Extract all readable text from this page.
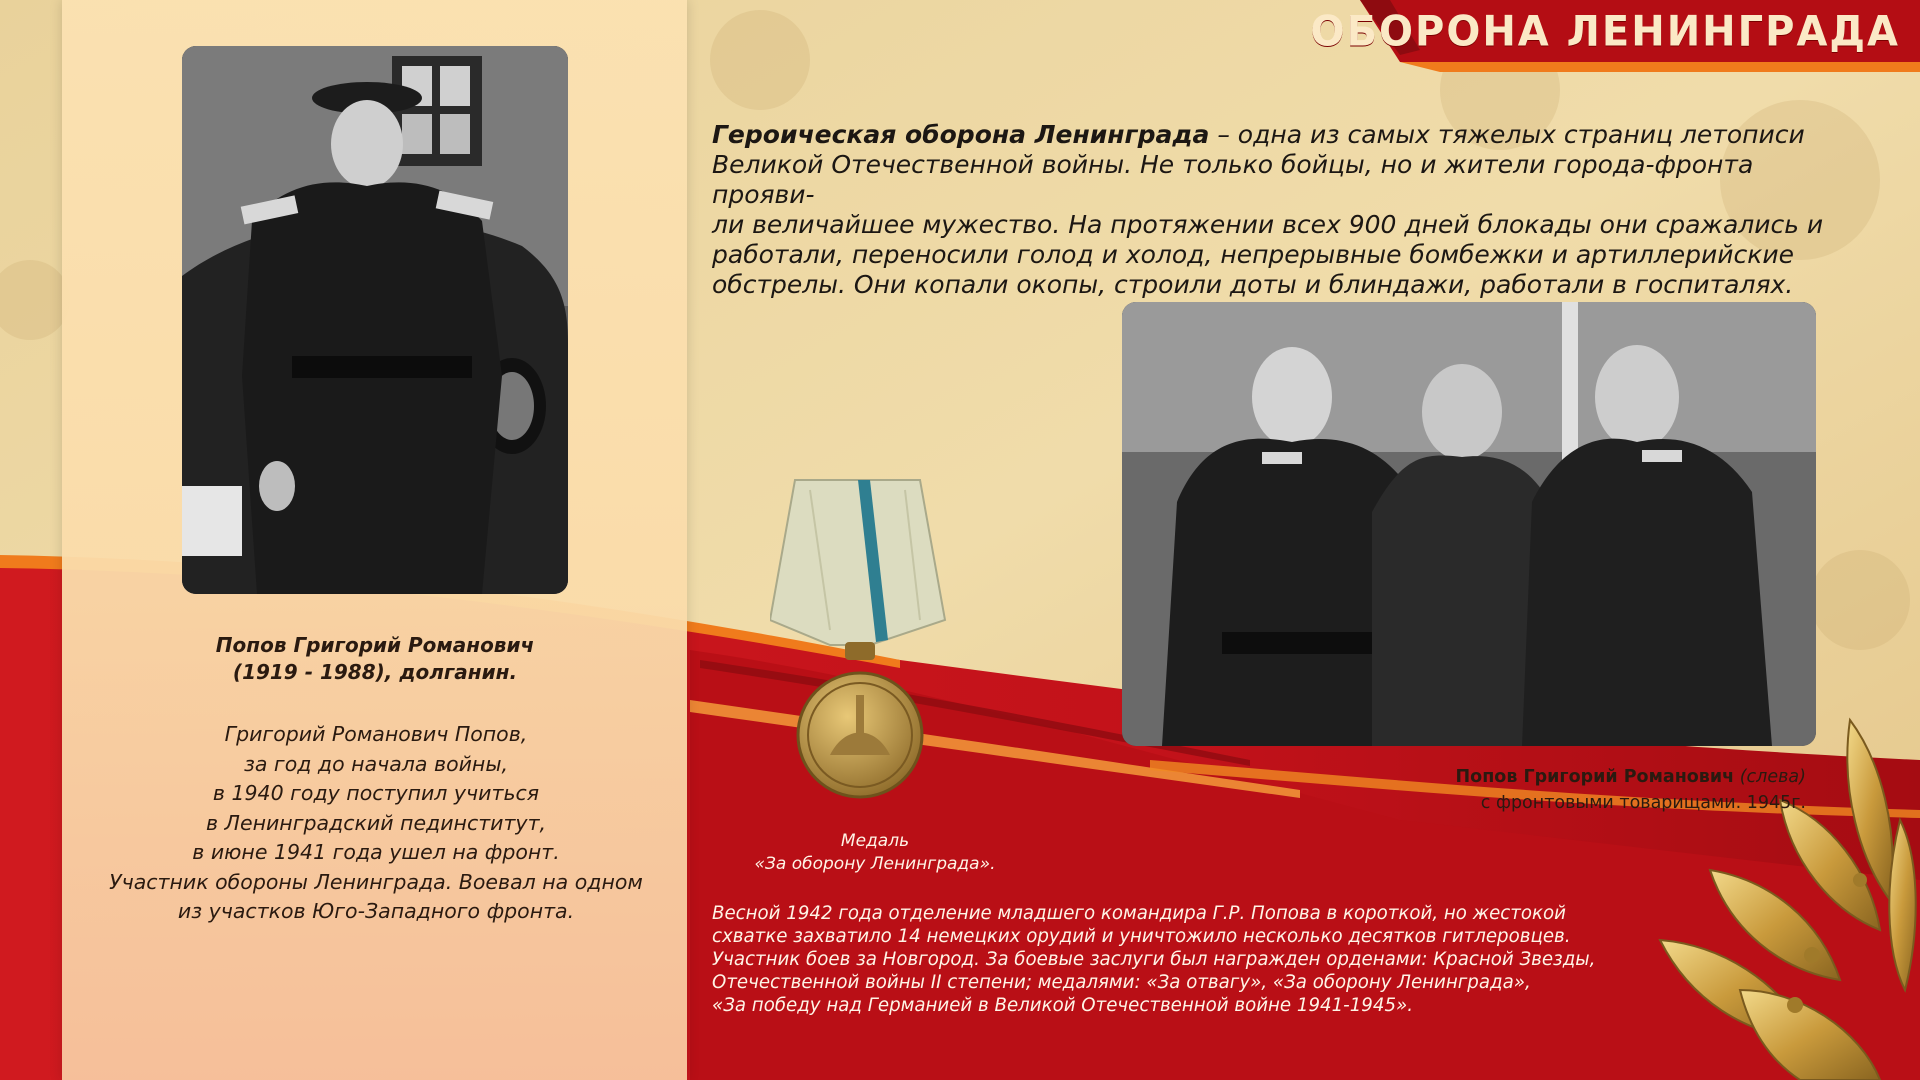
ОБОРОНА ЛЕНИНГРАДА
Попов Григорий Романович
(1919 - 1988), долганин.
Григорий Романович Попов,
за год до начала войны,
в 1940 году поступил учиться
в Ленинградский пединститут,
в июне 1941 года ушел на фронт.
Участник обороны Ленинграда. Воевал на одном
из участков Юго-Западного фронта.
Героическая оборона Ленинграда – одна из самых тяжелых страниц летописи
Великой Отечественной войны. Не только бойцы, но и жители города-фронта прояви-
ли величайшее мужество. На протяжении всех 900 дней блокады они сражались и
работали, переносили голод и холод, непрерывные бомбежки и артиллерийские
обстрелы. Они копали окопы, строили доты и блиндажи, работали в госпиталях.
Медаль
«За оборону Ленинграда».
Попов Григорий Романович (слева)
с фронтовыми товарищами. 1945г.
Весной 1942 года отделение младшего командира Г.Р. Попова в короткой, но жестокой
схватке захватило 14 немецких орудий и уничтожило несколько десятков гитлеровцев.
Участник боев за Новгород. За боевые заслуги был награжден орденами: Красной Звезды,
Отечественной войны II степени; медалями: «За отвагу», «За оборону Ленинграда»,
«За победу над Германией в Великой Отечественной войне 1941-1945».
